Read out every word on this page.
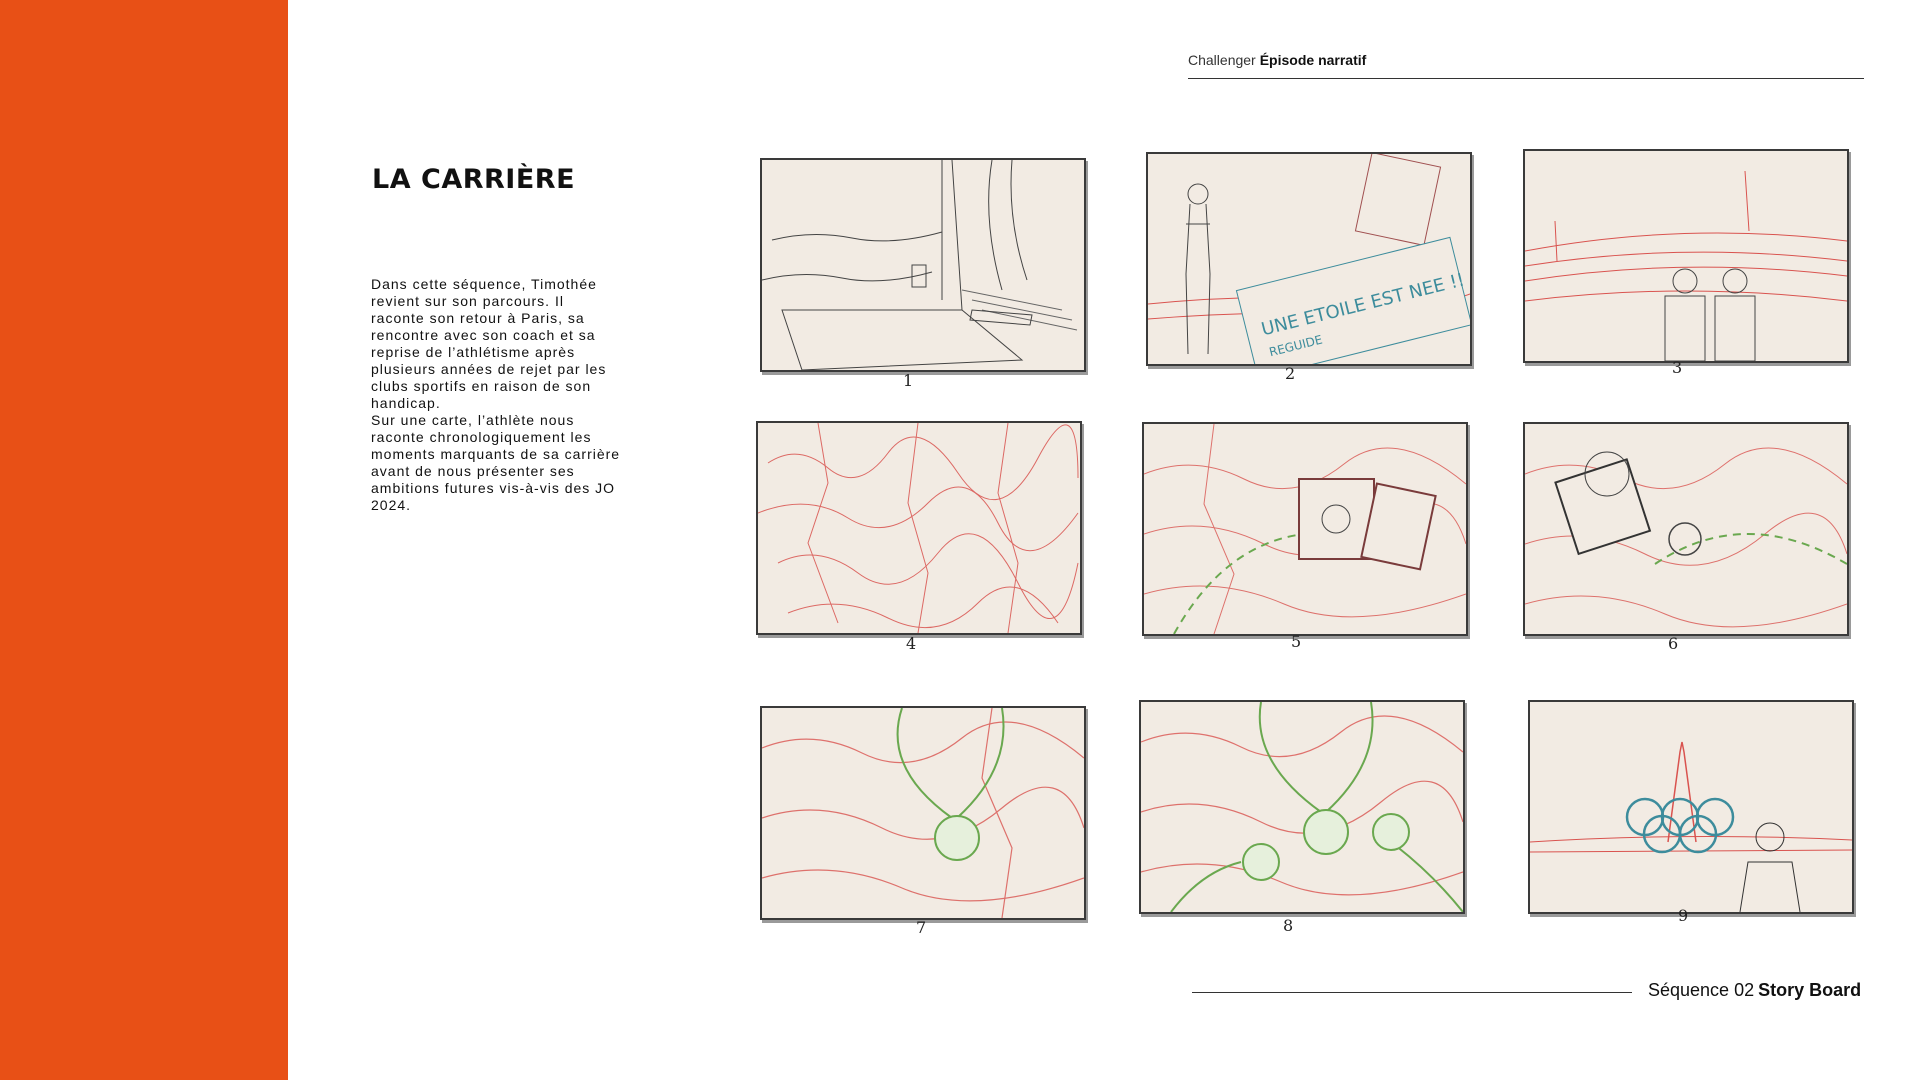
Challenger Épisode narratif
LA CARRIÈRE

Dans cette séquence, Timothée revient sur son parcours. Il raconte son retour à Paris, sa rencontre avec son coach et sa reprise de l’athlétisme après plusieurs années de rejet par les clubs sportifs en raison de son handicap.

Sur une carte, l’athlète nous raconte chronologiquement les moments marquants de sa carrière avant de nous présenter ses ambitions futures vis-à-vis des JO 2024.

1
UNE ETOILE EST NEE !!
REGUIDE
2	3
4	5	6
7	8
9
Séquence 02 Story Board
